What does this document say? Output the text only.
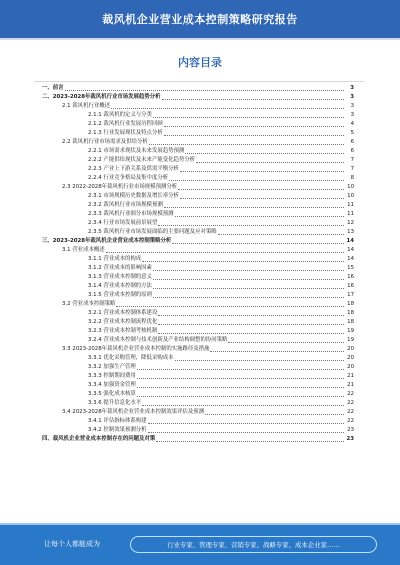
裁风机企业营业成本控制策略研究报告
内容目录
一、前言	3
二、2023-2028年裁风机行业市场发展趋势分析	3
2.1 裁风机行业概述	3
2.1.1 裁风机的定义与分类	3
2.1.2 裁风机行业发展历程回顾	4
2.1.3 行业发展现状及特点分析	5
2.2 裁风机行业市场需求及供给分析	6
2.2.1 市场需求现状及未来发展趋势预测	6
2.2.2 产能供给现状及未来产能变化趋势分析	7
2.2.3 产业上下游关系及供需平衡分析	7
2.2.4 行业竞争格局及集中度分析	8
2.3 2022-2028年裁风机行业市场规模预测分析	10
2.3.1 市场规模历史数据及增长率分析	10
2.3.2 裁风机行业市场规模预测	11
2.3.3 裁风机行业细分市场规模预测	11
2.3.4 行业市场发展前景展望	12
2.3.5 裁风机行业市场发展面临的主要问题及应对策略	13
三、2023-2028年裁风机企业营业成本控制策略分析	14
3.1 营业成本概述	14
3.1.1 营业成本的构成	14
3.1.2 营业成本的影响因素	15
3.1.3 营业成本控制的意义	16
3.1.4 营业成本控制的方法	16
3.1.5 营业成本控制的原则	17
3.2 营业成本控制策略	18
3.2.1 营业成本控制体系建设	18
3.2.2 营业成本控制流程优化	18
3.2.3 营业成本控制考核机制	19
3.2.4 营业成本控制与技术创新及产业结构调整的协同策略	19
3.3 2023-2028年裁风机企业营业成本控制的实施路径及措施	20
3.3.1 优化采购管理，降低采购成本	20
3.3.2 加强生产管理	20
3.3.3 控制期间费用	21
3.3.4 加强资金管理	21
3.3.5 强化成本核算	22
3.3.6 提升信息化水平	22
3.4 2023-2028年裁风机企业营业成本控制效果评估及预测	22
3.4.1 评估指标体系构建	22
3.4.2 控制效果预测分析	23
四、裁风机企业营业成本控制存在的问题及对策	23
让每个人都能成为	行业专家、管理专家、营销专家、战略专家、成本企业家……
